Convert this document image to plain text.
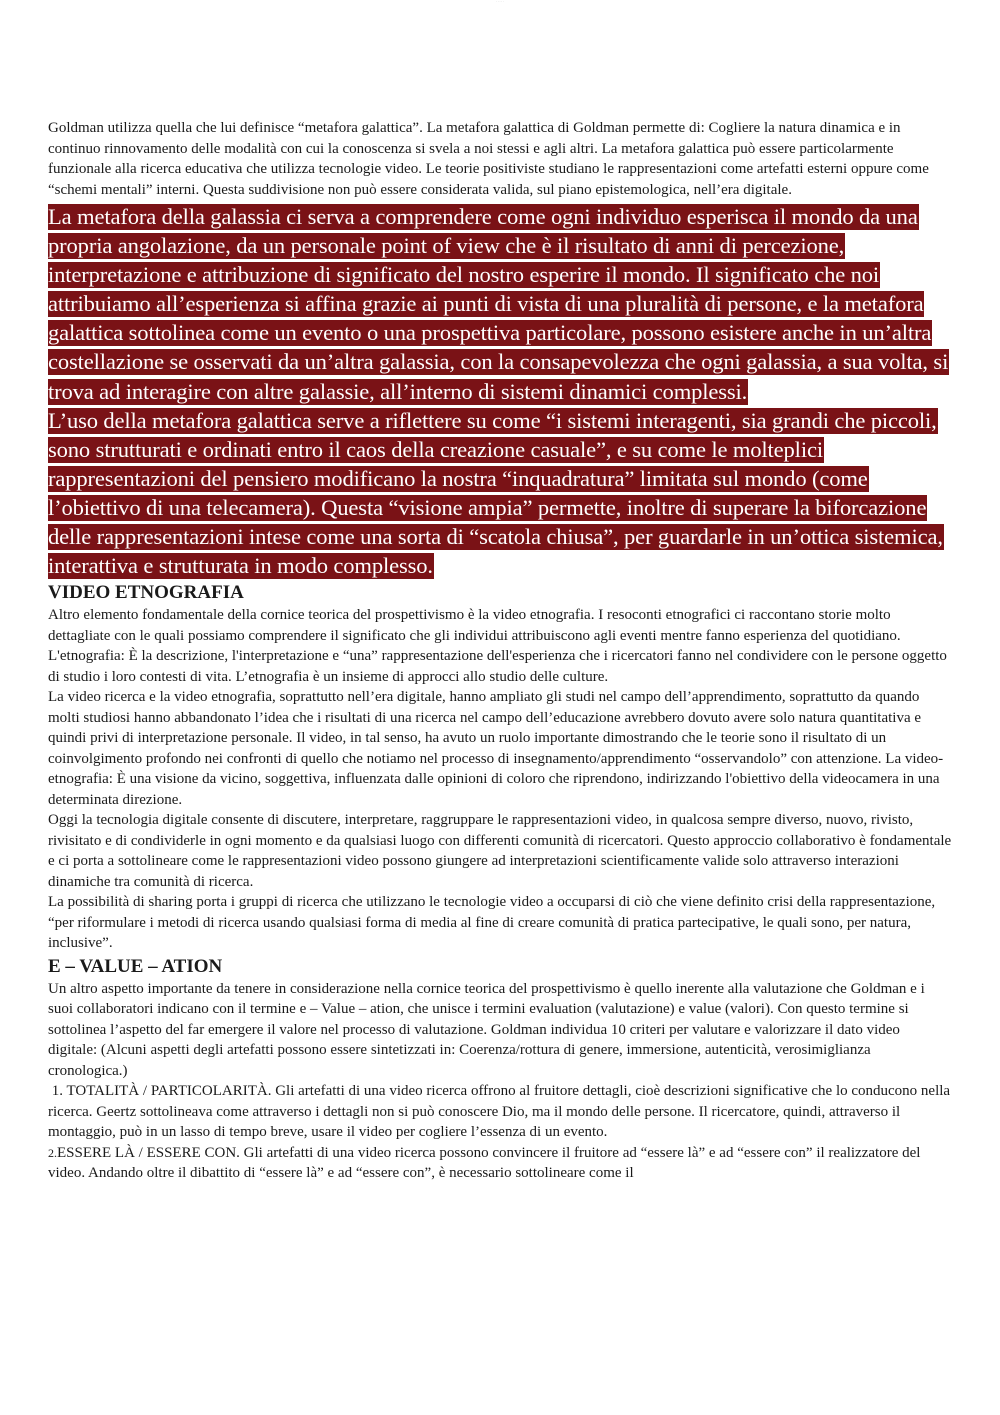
· · · · ·

Goldman utilizza quella che lui definisce “metafora galattica”. La metafora galattica di Goldman permette di: Cogliere la natura dinamica e in continuo rinnovamento delle modalità con cui la conoscenza si svela a noi stessi e agli altri. La metafora galattica può essere particolarmente funzionale alla ricerca educativa che utilizza tecnologie video. Le teorie positiviste studiano le rappresentazioni come artefatti esterni oppure come “schemi mentali” interni. Questa suddivisione non può essere considerata valida, sul piano epistemologica, nell’era digitale.

La metafora della galassia ci serva a comprendere come ogni individuo esperisca il mondo da una propria angolazione, da un personale point of view che è il risultato di anni di percezione, interpretazione e attribuzione di significato del nostro esperire il mondo. Il significato che noi attribuiamo all’esperienza si affina grazie ai punti di vista di una pluralità di persone, e la metafora galattica sottolinea come un evento o una prospettiva particolare, possono esistere anche in un’altra costellazione se osservati da un’altra galassia, con la consapevolezza che ogni galassia, a sua volta, si trova ad interagire con altre galassie, all’interno di sistemi dinamici complessi.

L’uso della metafora galattica serve a riflettere su come “i sistemi interagenti, sia grandi che piccoli, sono strutturati e ordinati entro il caos della creazione casuale”, e su come le molteplici rappresentazioni del pensiero modificano la nostra “inquadratura” limitata sul mondo (come l’obiettivo di una telecamera). Questa “visione ampia” permette, inoltre di superare la biforcazione delle rappresentazioni intese come una sorta di “scatola chiusa”, per guardarle in un’ottica sistemica, interattiva e strutturata in modo complesso.

VIDEO ETNOGRAFIA

Altro elemento fondamentale della cornice teorica del prospettivismo è la video etnografia. I resoconti etnografici ci raccontano storie molto dettagliate con le quali possiamo comprendere il significato che gli individui attribuiscono agli eventi mentre fanno esperienza del quotidiano. L'etnografia: È la descrizione, l'interpretazione e “una” rappresentazione dell'esperienza che i ricercatori fanno nel condividere con le persone oggetto di studio i loro contesti di vita. L’etnografia è un insieme di approcci allo studio delle culture.

La video ricerca e la video etnografia, soprattutto nell’era digitale, hanno ampliato gli studi nel campo dell’apprendimento, soprattutto da quando molti studiosi hanno abbandonato l’idea che i risultati di una ricerca nel campo dell’educazione avrebbero dovuto avere solo natura quantitativa e quindi privi di interpretazione personale. Il video, in tal senso, ha avuto un ruolo importante dimostrando che le teorie sono il risultato di un coinvolgimento profondo nei confronti di quello che notiamo nel processo di insegnamento/apprendimento “osservandolo” con attenzione. La video-etnografia: È una visione da vicino, soggettiva, influenzata dalle opinioni di coloro che riprendono, indirizzando l'obiettivo della videocamera in una determinata direzione.

Oggi la tecnologia digitale consente di discutere, interpretare, raggruppare le rappresentazioni video, in qualcosa sempre diverso, nuovo, rivisto, rivisitato e di condividerle in ogni momento e da qualsiasi luogo con differenti comunità di ricercatori. Questo approccio collaborativo è fondamentale e ci porta a sottolineare come le rappresentazioni video possono giungere ad interpretazioni scientificamente valide solo attraverso interazioni dinamiche tra comunità di ricerca.

La possibilità di sharing porta i gruppi di ricerca che utilizzano le tecnologie video a occuparsi di ciò che viene definito crisi della rappresentazione, “per riformulare i metodi di ricerca usando qualsiasi forma di media al fine di creare comunità di pratica partecipative, le quali sono, per natura, inclusive”.

E – VALUE – ATION

Un altro aspetto importante da tenere in considerazione nella cornice teorica del prospettivismo è quello inerente alla valutazione che Goldman e i suoi collaboratori indicano con il termine e – Value – ation, che unisce i termini evaluation (valutazione) e value (valori). Con questo termine si sottolinea l’aspetto del far emergere il valore nel processo di valutazione. Goldman individua 10 criteri per valutare e valorizzare il dato video digitale: (Alcuni aspetti degli artefatti possono essere sintetizzati in: Coerenza/rottura di genere, immersione, autenticità, verosimiglianza cronologica.)

1. TOTALITÀ / PARTICOLARITÀ. Gli artefatti di una video ricerca offrono al fruitore dettagli, cioè descrizioni significative che lo conducono nella ricerca. Geertz sottolineava come attraverso i dettagli non si può conoscere Dio, ma il mondo delle persone. Il ricercatore, quindi, attraverso il montaggio, può in un lasso di tempo breve, usare il video per cogliere l’essenza di un evento.

2.ESSERE LÀ / ESSERE CON. Gli artefatti di una video ricerca possono convincere il fruitore ad “essere là” e ad “essere con” il realizzatore del video. Andando oltre il dibattito di “essere là” e ad “essere con”, è necessario sottolineare come il
